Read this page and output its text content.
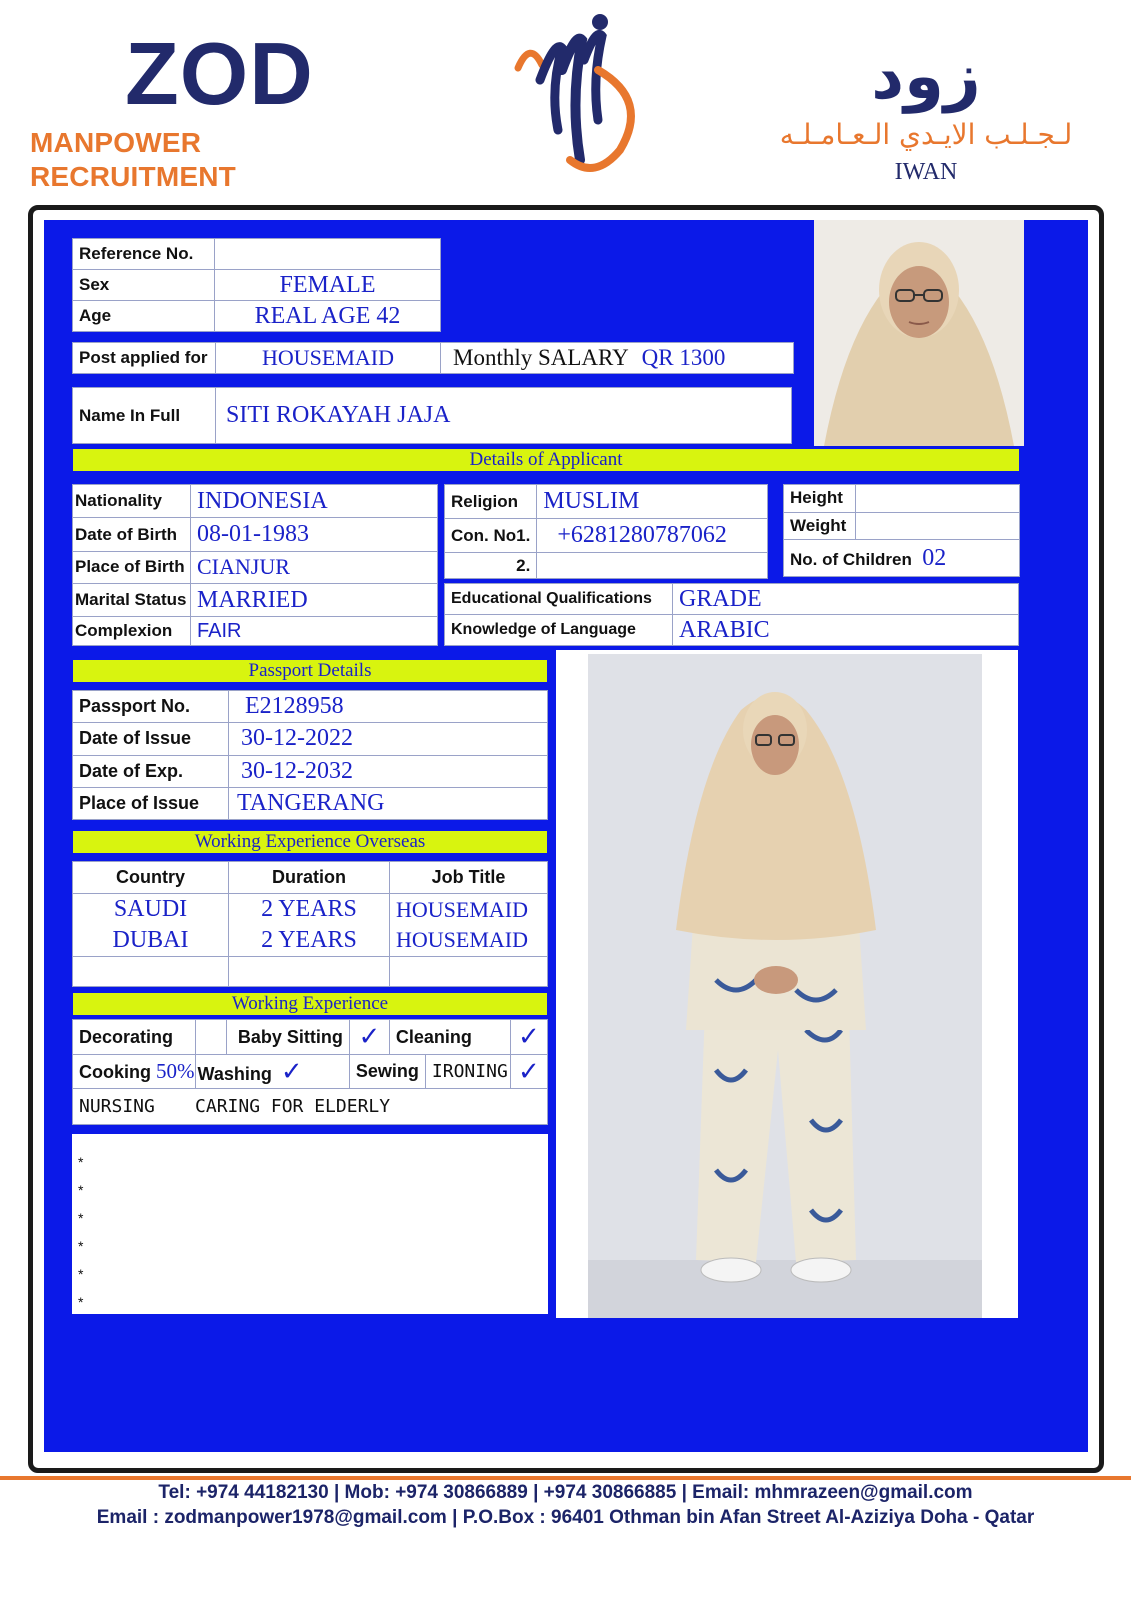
ZOD
MANPOWER RECRUITMENT
زود
لـجـلـب الايـدي الـعـامـلـه
IWAN
Reference No.	
Sex	FEMALE
Age	REAL AGE 42
Post applied for	HOUSEMAID	Monthly SALARY QR 1300
Name In Full	SITI ROKAYAH JAJA
Details of Applicant
Nationality	INDONESIA
Date of Birth	08-01-1983
Place of Birth	CIANJUR
Marital Status	MARRIED
Complexion	FAIR
Religion	MUSLIM
Con. No1.	+6281280787062
2.	
Height	
Weight	
No. of Children 02	
Educational Qualifications	GRADE
Knowledge of Language	ARABIC
Passport Details
Passport No.	E2128958
Date of Issue	30-12-2022
Date of Exp.	30-12-2032
Place of Issue	TANGERANG
Working Experience Overseas
Country	Duration	Job Title
SAUDI	2 YEARS	HOUSEMAID
DUBAI	2 YEARS	HOUSEMAID

Working Experience
Decorating		Baby Sitting	✓	Cleaning		✓
Cooking 50%	Washing ✓		Sewing		IRONING	✓
NURSING	CARING FOR ELDERLY					
*
*
*
*
*
*
Tel: +974 44182130 | Mob: +974 30866889 | +974 30866885 | Email: mhmrazeen@gmail.com
Email : zodmanpower1978@gmail.com | P.O.Box : 96401 Othman bin Afan Street Al-Aziziya Doha - Qatar
